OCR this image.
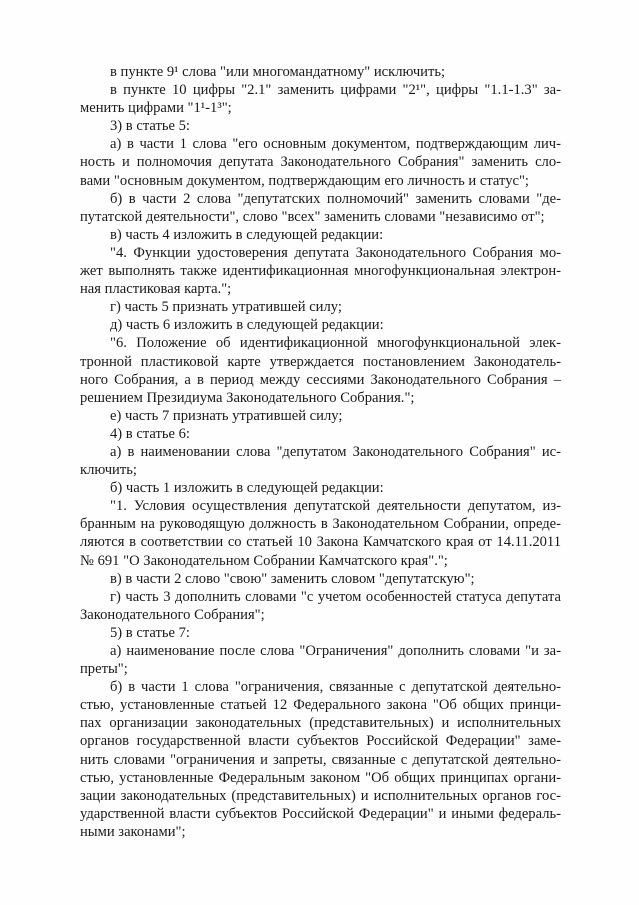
в пункте 9¹ слова "или многомандатному" исключить;
в пункте 10 цифры "2.1" заменить цифрами "2¹", цифры "1.1-1.3" за-
менить цифрами "1¹-1³";
3) в статье 5:
а) в части 1 слова "его основным документом, подтверждающим лич-
ность и полномочия депутата Законодательного Собрания" заменить сло-
вами "основным документом, подтверждающим его личность и статус";
б) в части 2 слова "депутатских полномочий" заменить словами "де-
путатской деятельности", слово "всех" заменить словами "независимо от";
в) часть 4 изложить в следующей редакции:
"4. Функции удостоверения депутата Законодательного Собрания мо-
жет выполнять также идентификационная многофункциональная электрон-
ная пластиковая карта.";
г) часть 5 признать утратившей силу;
д) часть 6 изложить в следующей редакции:
"6. Положение об идентификационной многофункциональной элек-
тронной пластиковой карте утверждается постановлением Законодатель-
ного Собрания, а в период между сессиями Законодательного Собрания –
решением Президиума Законодательного Собрания.";
е) часть 7 признать утратившей силу;
4) в статье 6:
а) в наименовании слова "депутатом Законодательного Собрания" ис-
ключить;
б) часть 1 изложить в следующей редакции:
"1. Условия осуществления депутатской деятельности депутатом, из-
бранным на руководящую должность в Законодательном Собрании, опреде-
ляются в соответствии со статьей 10 Закона Камчатского края от 14.11.2011
№ 691 "О Законодательном Собрании Камчатского края".";
в) в части 2 слово "свою" заменить словом "депутатскую";
г) часть 3 дополнить словами "с учетом особенностей статуса депутата
Законодательного Собрания";
5) в статье 7:
а) наименование после слова "Ограничения" дополнить словами "и за-
преты";
б) в части 1 слова "ограничения, связанные с депутатской деятельно-
стью, установленные статьей 12 Федерального закона "Об общих принци-
пах организации законодательных (представительных) и исполнительных
органов государственной власти субъектов Российской Федерации" заме-
нить словами "ограничения и запреты, связанные с депутатской деятельно-
стью, установленные Федеральным законом "Об общих принципах органи-
зации законодательных (представительных) и исполнительных органов гос-
ударственной власти субъектов Российской Федерации" и иными федераль-
ными законами";
